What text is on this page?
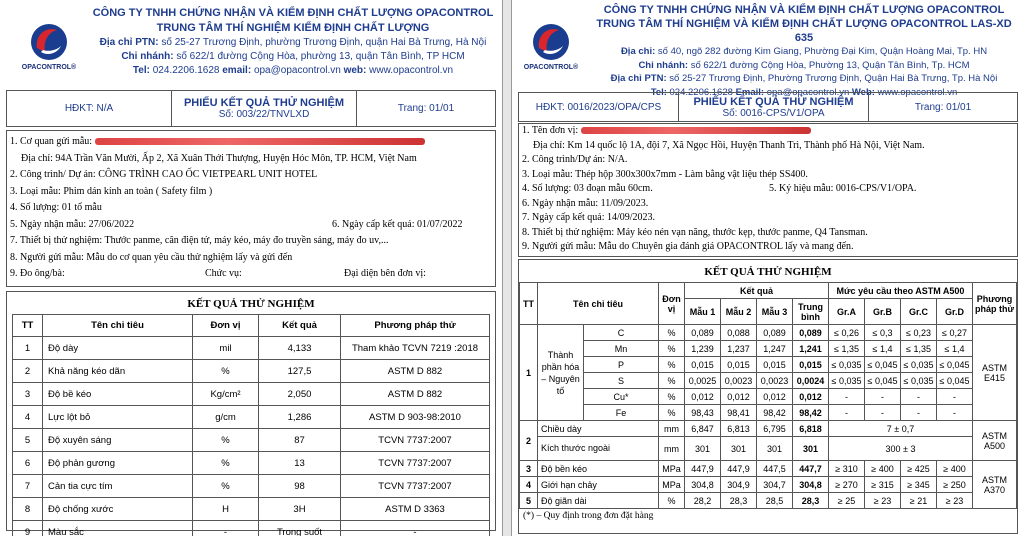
OPACONTROL®
CÔNG TY TNHH CHỨNG NHẬN VÀ KIỂM ĐỊNH CHẤT LƯỢNG OPACONTROL
TRUNG TÂM THÍ NGHIỆM KIỂM ĐỊNH CHẤT LƯỢNG
Địa chỉ PTN: số 25-27 Trương Định, phường Trương Định, quận Hai Bà Trưng, Hà Nội
Chi nhánh: số 622/1 đường Cộng Hòa, phường 13, quận Tân Bình, TP HCM
Tel: 024.2206.1628 email: opa@opacontrol.vn web: www.opacontrol.vn
HĐKT: N/A	PHIẾU KẾT QUẢ THỬ NGHIỆM
Số: 003/22/TNVLXD
Trang: 01/01
1. Cơ quan gửi mẫu:
Địa chỉ: 94A Trần Văn Mười, Ấp 2, Xã Xuân Thới Thượng, Huyện Hóc Môn, TP. HCM, Việt Nam
2. Công trình/ Dự án: CÔNG TRÌNH CAO ỐC VIETPEARL UNIT HOTEL
3. Loại mẫu: Phim dán kính an toàn ( Safety film )
4. Số lượng: 01 tổ mẫu
5. Ngày nhận mẫu: 27/06/2022	6. Ngày cấp kết quả: 01/07/2022
7. Thiết bị thử nghiệm: Thước panme, cân điện tử, máy kéo, máy đo truyền sáng, máy đo uv,...
8. Người gửi mẫu: Mẫu do cơ quan yêu cầu thử nghiệm lấy và gửi đến
9. Đo ông/bà:	Chức vụ:	Đại diện bên đơn vị:
KẾT QUẢ THỬ NGHIỆM
TT	Tên chỉ tiêu	Đơn vị	Kết quả	Phương pháp thử
1	Độ dày	mil	4,133	Tham khảo TCVN 7219 :2018
2	Khả năng kéo dãn	%	127,5	ASTM D 882
3	Độ bề kéo	Kg/cm²	2,050	ASTM D 882
4	Lực lột bỏ	g/cm	1,286	ASTM D 903-98:2010
5	Độ xuyên sáng	%	87	TCVN 7737:2007
6	Độ phản gương	%	13	TCVN 7737:2007
7	Cản tia cực tím	%	98	TCVN 7737:2007
8	Độ chống xước	H	3H	ASTM D 3363
9	Màu sắc	-	Trong suốt	-
OPACONTROL®
CÔNG TY TNHH CHỨNG NHẬN VÀ KIỂM ĐỊNH CHẤT LƯỢNG OPACONTROL
TRUNG TÂM THÍ NGHIỆM VÀ KIỂM ĐỊNH CHẤT LƯỢNG OPACONTROL LAS-XD 635
Địa chỉ: số 40, ngõ 282 đường Kim Giang, Phường Đại Kim, Quận Hoàng Mai, Tp. HN
Chi nhánh: số 622/1 đường Cộng Hòa, Phường 13, Quận Tân Bình, Tp. HCM
Địa chỉ PTN: số 25-27 Trương Định, Phường Trương Định, Quận Hai Bà Trưng, Tp. Hà Nội
Tel: 024.2206.1628 Email: opa@opacontrol.vn Web: www.opacontrol.vn
HĐKT: 0016/2023/OPA/CPS	PHIẾU KẾT QUẢ THỬ NGHIỆM
Số: 0016-CPS/V1/OPA
Trang: 01/01
1. Tên đơn vị:
Địa chỉ: Km 14 quốc lộ 1A, đội 7, Xã Ngọc Hồi, Huyện Thanh Trì, Thành phố Hà Nội, Việt Nam.
2. Công trình/Dự án: N/A.
3. Loại mẫu: Thép hộp 300x300x7mm - Làm bằng vật liệu thép SS400.
4. Số lượng: 03 đoạn mẫu 60cm.	5. Ký hiệu mẫu: 0016-CPS/V1/OPA.
6. Ngày nhận mẫu: 11/09/2023.
7. Ngày cấp kết quả: 14/09/2023.
8. Thiết bị thử nghiệm: Máy kéo nén vạn năng, thước kẹp, thước panme, Q4 Tansman.
9. Người gửi mẫu: Mẫu do Chuyên gia đánh giá OPACONTROL lấy và mang đến.
KẾT QUẢ THỬ NGHIỆM
TT	Tên chỉ tiêu		Đơn vị	Kết quả				Mức yêu cầu theo ASTM A500				Phương pháp thử
				Mẫu 1	Mẫu 2	Mẫu 3	Trung bình	Gr.A	Gr.B	Gr.C	Gr.D	
1	Thành phần hóa – Nguyên tố	C	%	0,089	0,088	0,089	0,089	≤ 0,26	≤ 0,3	≤ 0,23	≤ 0,27	ASTM E415
		Mn	%	1,239	1,237	1,247	1,241	≤ 1,35	≤ 1,4	≤ 1,35	≤ 1,4	
		P	%	0,015	0,015	0,015	0,015	≤ 0,035	≤ 0,045	≤ 0,035	≤ 0,045	
		S	%	0,0025	0,0023	0,0023	0,0024	≤ 0,035	≤ 0,045	≤ 0,035	≤ 0,045	
		Cu*	%	0,012	0,012	0,012	0,012	-	-	-	-	
		Fe	%	98,43	98,41	98,42	98,42	-	-	-	-	
2	Chiều dày		mm	6,847	6,813	6,795	6,818	7 ± 0,7				ASTM A500
	Kích thước ngoài		mm	301	301	301	301	300 ± 3				
3	Độ bền kéo		MPa	447,9	447,9	447,5	447,7	≥ 310	≥ 400	≥ 425	≥ 400	ASTM A370
4	Giới hạn chảy		MPa	304,8	304,9	304,7	304,8	≥ 270	≥ 315	≥ 345	≥ 250	
5	Độ giãn dài		%	28,2	28,3	28,5	28,3	≥ 25	≥ 23	≥ 21	≥ 23	
(*) – Quy định trong đơn đặt hàng
